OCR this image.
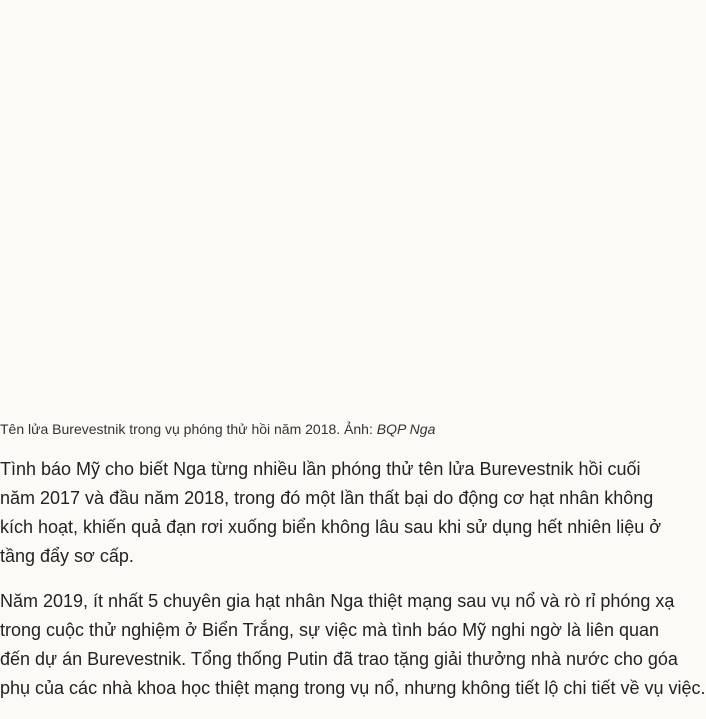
Tên lửa Burevestnik trong vụ phóng thử hồi năm 2018. Ảnh: BQP Nga

Tình báo Mỹ cho biết Nga từng nhiều lần phóng thử tên lửa Burevestnik hồi cuối
năm 2017 và đầu năm 2018, trong đó một lần thất bại do động cơ hạt nhân không
kích hoạt, khiến quả đạn rơi xuống biển không lâu sau khi sử dụng hết nhiên liệu ở
tầng đẩy sơ cấp.

Năm 2019, ít nhất 5 chuyên gia hạt nhân Nga thiệt mạng sau vụ nổ và rò rỉ phóng xạ
trong cuộc thử nghiệm ở Biển Trắng, sự việc mà tình báo Mỹ nghi ngờ là liên quan
đến dự án Burevestnik. Tổng thống Putin đã trao tặng giải thưởng nhà nước cho góa
phụ của các nhà khoa học thiệt mạng trong vụ nổ, nhưng không tiết lộ chi tiết về vụ việc.
